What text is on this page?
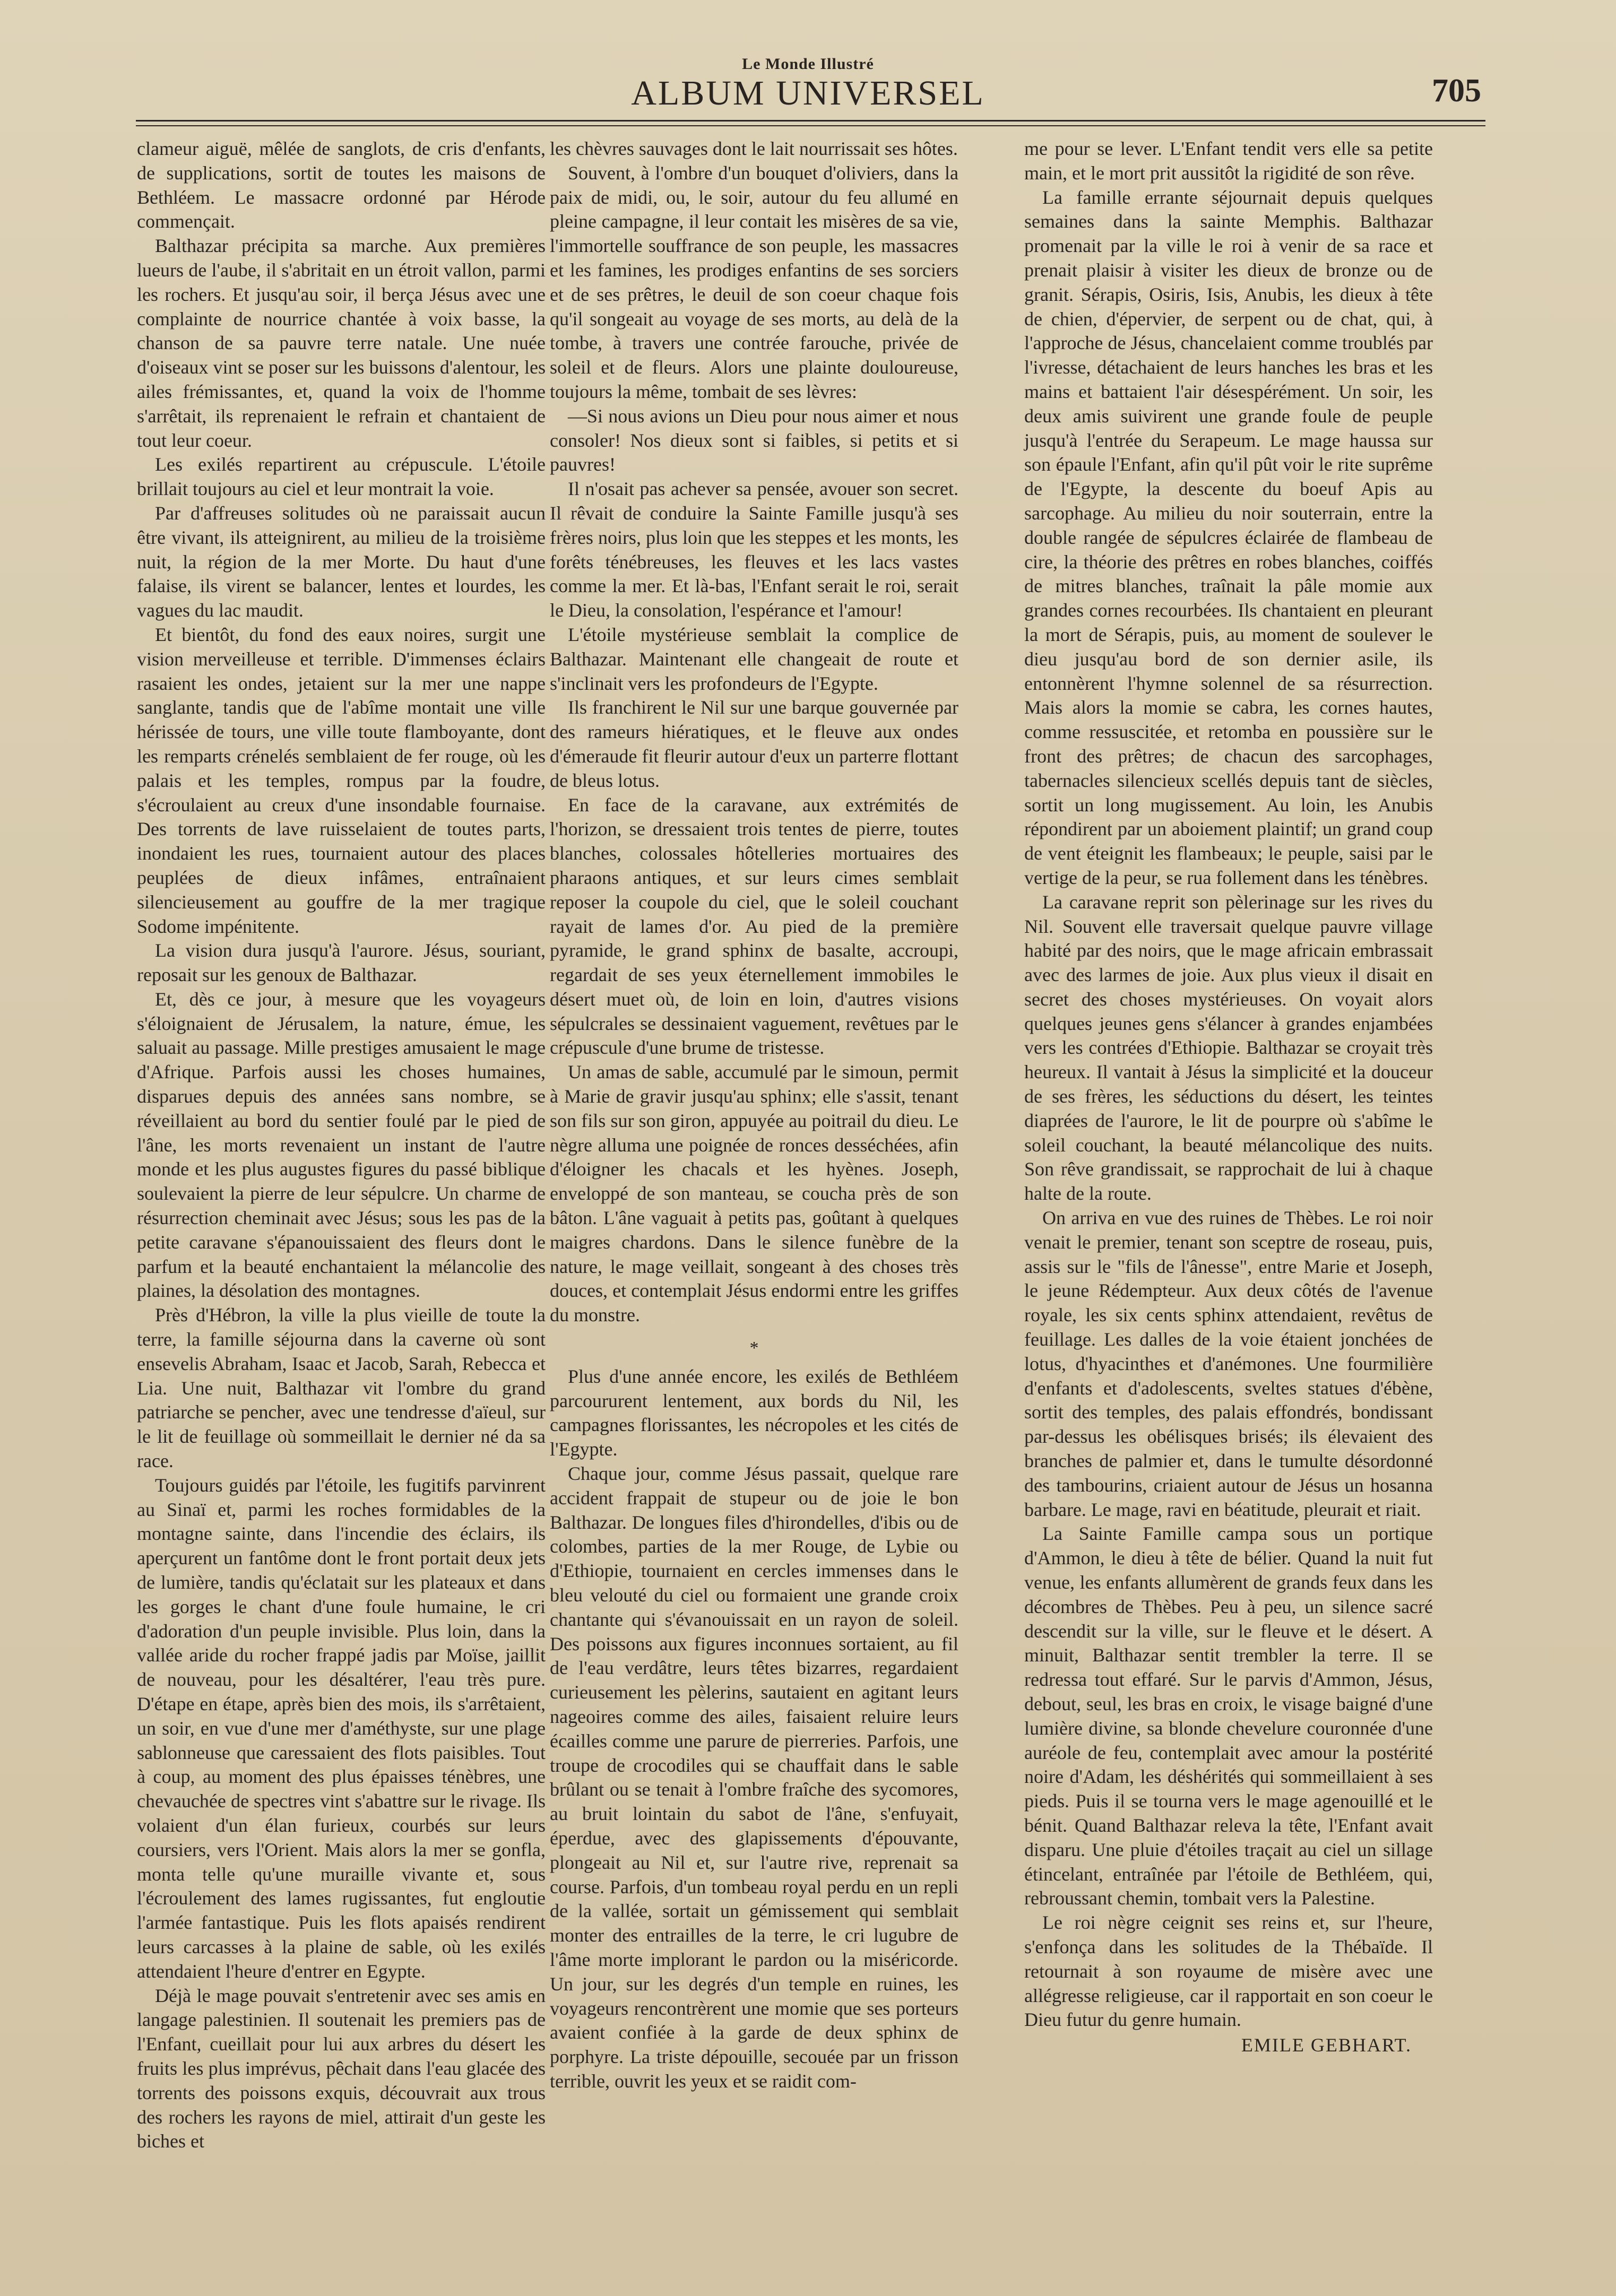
Le Monde Illustré
ALBUM UNIVERSEL	705

clameur aiguë, mêlée de sanglots, de cris d'enfants, de supplications, sortit de toutes les maisons de Bethléem. Le massacre ordonné par Hérode commençait.

Balthazar précipita sa marche. Aux premières lueurs de l'aube, il s'abritait en un étroit vallon, parmi les rochers. Et jusqu'au soir, il berça Jésus avec une complainte de nourrice chantée à voix basse, la chanson de sa pauvre terre natale. Une nuée d'oiseaux vint se poser sur les buissons d'alentour, les ailes frémissantes, et, quand la voix de l'homme s'arrêtait, ils reprenaient le refrain et chantaient de tout leur coeur.

Les exilés repartirent au crépuscule. L'étoile brillait toujours au ciel et leur montrait la voie.

Par d'affreuses solitudes où ne paraissait aucun être vivant, ils atteignirent, au milieu de la troisième nuit, la région de la mer Morte. Du haut d'une falaise, ils virent se balancer, lentes et lourdes, les vagues du lac maudit.

Et bientôt, du fond des eaux noires, surgit une vision merveilleuse et terrible. D'immenses éclairs rasaient les ondes, jetaient sur la mer une nappe sanglante, tandis que de l'abîme montait une ville hérissée de tours, une ville toute flamboyante, dont les remparts crénelés semblaient de fer rouge, où les palais et les temples, rompus par la foudre, s'écroulaient au creux d'une insondable fournaise. Des torrents de lave ruisselaient de toutes parts, inondaient les rues, tournaient autour des places peuplées de dieux infâmes, entraînaient silencieusement au gouffre de la mer tragique Sodome impénitente.

La vision dura jusqu'à l'aurore. Jésus, souriant, reposait sur les genoux de Balthazar.

Et, dès ce jour, à mesure que les voyageurs s'éloignaient de Jérusalem, la nature, émue, les saluait au passage. Mille prestiges amusaient le mage d'Afrique. Parfois aussi les choses humaines, disparues depuis des années sans nombre, se réveillaient au bord du sentier foulé par le pied de l'âne, les morts revenaient un instant de l'autre monde et les plus augustes figures du passé biblique soulevaient la pierre de leur sépulcre. Un charme de résurrection cheminait avec Jésus; sous les pas de la petite caravane s'épanouissaient des fleurs dont le parfum et la beauté enchantaient la mélancolie des plaines, la désolation des montagnes.

Près d'Hébron, la ville la plus vieille de toute la terre, la famille séjourna dans la caverne où sont ensevelis Abraham, Isaac et Jacob, Sarah, Rebecca et Lia. Une nuit, Balthazar vit l'ombre du grand patriarche se pencher, avec une tendresse d'aïeul, sur le lit de feuillage où sommeillait le dernier né da sa race.

Toujours guidés par l'étoile, les fugitifs parvinrent au Sinaï et, parmi les roches formidables de la montagne sainte, dans l'incendie des éclairs, ils aperçurent un fantôme dont le front portait deux jets de lumière, tandis qu'éclatait sur les plateaux et dans les gorges le chant d'une foule humaine, le cri d'adoration d'un peuple invisible. Plus loin, dans la vallée aride du rocher frappé jadis par Moïse, jaillit de nouveau, pour les désaltérer, l'eau très pure. D'étape en étape, après bien des mois, ils s'arrêtaient, un soir, en vue d'une mer d'améthyste, sur une plage sablonneuse que caressaient des flots paisibles. Tout à coup, au moment des plus épaisses ténèbres, une chevauchée de spectres vint s'abattre sur le rivage. Ils volaient d'un élan furieux, courbés sur leurs coursiers, vers l'Orient. Mais alors la mer se gonfla, monta telle qu'une muraille vivante et, sous l'écroulement des lames rugissantes, fut engloutie l'armée fantastique. Puis les flots apaisés rendirent leurs carcasses à la plaine de sable, où les exilés attendaient l'heure d'entrer en Egypte.

Déjà le mage pouvait s'entretenir avec ses amis en langage palestinien. Il soutenait les premiers pas de l'Enfant, cueillait pour lui aux arbres du désert les fruits les plus imprévus, pêchait dans l'eau glacée des torrents des poissons exquis, découvrait aux trous des rochers les rayons de miel, attirait d'un geste les biches et

les chèvres sauvages dont le lait nourrissait ses hôtes.

Souvent, à l'ombre d'un bouquet d'oliviers, dans la paix de midi, ou, le soir, autour du feu allumé en pleine campagne, il leur contait les misères de sa vie, l'immortelle souffrance de son peuple, les massacres et les famines, les prodiges enfantins de ses sorciers et de ses prêtres, le deuil de son coeur chaque fois qu'il songeait au voyage de ses morts, au delà de la tombe, à travers une contrée farouche, privée de soleil et de fleurs. Alors une plainte douloureuse, toujours la même, tombait de ses lèvres:

—Si nous avions un Dieu pour nous aimer et nous consoler! Nos dieux sont si faibles, si petits et si pauvres!

Il n'osait pas achever sa pensée, avouer son secret. Il rêvait de conduire la Sainte Famille jusqu'à ses frères noirs, plus loin que les steppes et les monts, les forêts ténébreuses, les fleuves et les lacs vastes comme la mer. Et là-bas, l'Enfant serait le roi, serait le Dieu, la consolation, l'espérance et l'amour!

L'étoile mystérieuse semblait la complice de Balthazar. Maintenant elle changeait de route et s'inclinait vers les profondeurs de l'Egypte.

Ils franchirent le Nil sur une barque gouvernée par des rameurs hiératiques, et le fleuve aux ondes d'émeraude fit fleurir autour d'eux un parterre flottant de bleus lotus.

En face de la caravane, aux extrémités de l'horizon, se dressaient trois tentes de pierre, toutes blanches, colossales hôtelleries mortuaires des pharaons antiques, et sur leurs cimes semblait reposer la coupole du ciel, que le soleil couchant rayait de lames d'or. Au pied de la première pyramide, le grand sphinx de basalte, accroupi, regardait de ses yeux éternellement immobiles le désert muet où, de loin en loin, d'autres visions sépulcrales se dessinaient vaguement, revêtues par le crépuscule d'une brume de tristesse.

Un amas de sable, accumulé par le simoun, permit à Marie de gravir jusqu'au sphinx; elle s'assit, tenant son fils sur son giron, appuyée au poitrail du dieu. Le nègre alluma une poignée de ronces desséchées, afin d'éloigner les chacals et les hyènes. Joseph, enveloppé de son manteau, se coucha près de son bâton. L'âne vaguait à petits pas, goûtant à quelques maigres chardons. Dans le silence funèbre de la nature, le mage veillait, songeant à des choses très douces, et contemplait Jésus endormi entre les griffes du monstre.

*

Plus d'une année encore, les exilés de Bethléem parcoururent lentement, aux bords du Nil, les campagnes florissantes, les nécropoles et les cités de l'Egypte.

Chaque jour, comme Jésus passait, quelque rare accident frappait de stupeur ou de joie le bon Balthazar. De longues files d'hirondelles, d'ibis ou de colombes, parties de la mer Rouge, de Lybie ou d'Ethiopie, tournaient en cercles immenses dans le bleu velouté du ciel ou formaient une grande croix chantante qui s'évanouissait en un rayon de soleil. Des poissons aux figures inconnues sortaient, au fil de l'eau verdâtre, leurs têtes bizarres, regardaient curieusement les pèlerins, sautaient en agitant leurs nageoires comme des ailes, faisaient reluire leurs écailles comme une parure de pierreries. Parfois, une troupe de crocodiles qui se chauffait dans le sable brûlant ou se tenait à l'ombre fraîche des sycomores, au bruit lointain du sabot de l'âne, s'enfuyait, éperdue, avec des glapissements d'épouvante, plongeait au Nil et, sur l'autre rive, reprenait sa course. Parfois, d'un tombeau royal perdu en un repli de la vallée, sortait un gémissement qui semblait monter des entrailles de la terre, le cri lugubre de l'âme morte implorant le pardon ou la miséricorde. Un jour, sur les degrés d'un temple en ruines, les voyageurs rencontrèrent une momie que ses porteurs avaient confiée à la garde de deux sphinx de porphyre. La triste dépouille, secouée par un frisson terrible, ouvrit les yeux et se raidit com-

me pour se lever. L'Enfant tendit vers elle sa petite main, et le mort prit aussitôt la rigidité de son rêve.

La famille errante séjournait depuis quelques semaines dans la sainte Memphis. Balthazar promenait par la ville le roi à venir de sa race et prenait plaisir à visiter les dieux de bronze ou de granit. Sérapis, Osiris, Isis, Anubis, les dieux à tête de chien, d'épervier, de serpent ou de chat, qui, à l'approche de Jésus, chancelaient comme troublés par l'ivresse, détachaient de leurs hanches les bras et les mains et battaient l'air désespérément. Un soir, les deux amis suivirent une grande foule de peuple jusqu'à l'entrée du Serapeum. Le mage haussa sur son épaule l'Enfant, afin qu'il pût voir le rite suprême de l'Egypte, la descente du boeuf Apis au sarcophage. Au milieu du noir souterrain, entre la double rangée de sépulcres éclairée de flambeau de cire, la théorie des prêtres en robes blanches, coiffés de mitres blanches, traînait la pâle momie aux grandes cornes recourbées. Ils chantaient en pleurant la mort de Sérapis, puis, au moment de soulever le dieu jusqu'au bord de son dernier asile, ils entonnèrent l'hymne solennel de sa résurrection. Mais alors la momie se cabra, les cornes hautes, comme ressuscitée, et retomba en poussière sur le front des prêtres; de chacun des sarcophages, tabernacles silencieux scellés depuis tant de siècles, sortit un long mugissement. Au loin, les Anubis répondirent par un aboiement plaintif; un grand coup de vent éteignit les flambeaux; le peuple, saisi par le vertige de la peur, se rua follement dans les ténèbres.

La caravane reprit son pèlerinage sur les rives du Nil. Souvent elle traversait quelque pauvre village habité par des noirs, que le mage africain embrassait avec des larmes de joie. Aux plus vieux il disait en secret des choses mystérieuses. On voyait alors quelques jeunes gens s'élancer à grandes enjambées vers les contrées d'Ethiopie. Balthazar se croyait très heureux. Il vantait à Jésus la simplicité et la douceur de ses frères, les séductions du désert, les teintes diaprées de l'aurore, le lit de pourpre où s'abîme le soleil couchant, la beauté mélancolique des nuits. Son rêve grandissait, se rapprochait de lui à chaque halte de la route.

On arriva en vue des ruines de Thèbes. Le roi noir venait le premier, tenant son sceptre de roseau, puis, assis sur le "fils de l'ânesse", entre Marie et Joseph, le jeune Rédempteur. Aux deux côtés de l'avenue royale, les six cents sphinx attendaient, revêtus de feuillage. Les dalles de la voie étaient jonchées de lotus, d'hyacinthes et d'anémones. Une fourmilière d'enfants et d'adolescents, sveltes statues d'ébène, sortit des temples, des palais effondrés, bondissant par-dessus les obélisques brisés; ils élevaient des branches de palmier et, dans le tumulte désordonné des tambourins, criaient autour de Jésus un hosanna barbare. Le mage, ravi en béatitude, pleurait et riait.

La Sainte Famille campa sous un portique d'Ammon, le dieu à tête de bélier. Quand la nuit fut venue, les enfants allumèrent de grands feux dans les décombres de Thèbes. Peu à peu, un silence sacré descendit sur la ville, sur le fleuve et le désert. A minuit, Balthazar sentit trembler la terre. Il se redressa tout effaré. Sur le parvis d'Ammon, Jésus, debout, seul, les bras en croix, le visage baigné d'une lumière divine, sa blonde chevelure couronnée d'une auréole de feu, contemplait avec amour la postérité noire d'Adam, les déshérités qui sommeillaient à ses pieds. Puis il se tourna vers le mage agenouillé et le bénit. Quand Balthazar releva la tête, l'Enfant avait disparu. Une pluie d'étoiles traçait au ciel un sillage étincelant, entraînée par l'étoile de Bethléem, qui, rebroussant chemin, tombait vers la Palestine.

Le roi nègre ceignit ses reins et, sur l'heure, s'enfonça dans les solitudes de la Thébaïde. Il retournait à son royaume de misère avec une allégresse religieuse, car il rapportait en son coeur le Dieu futur du genre humain.

EMILE GEBHART.
